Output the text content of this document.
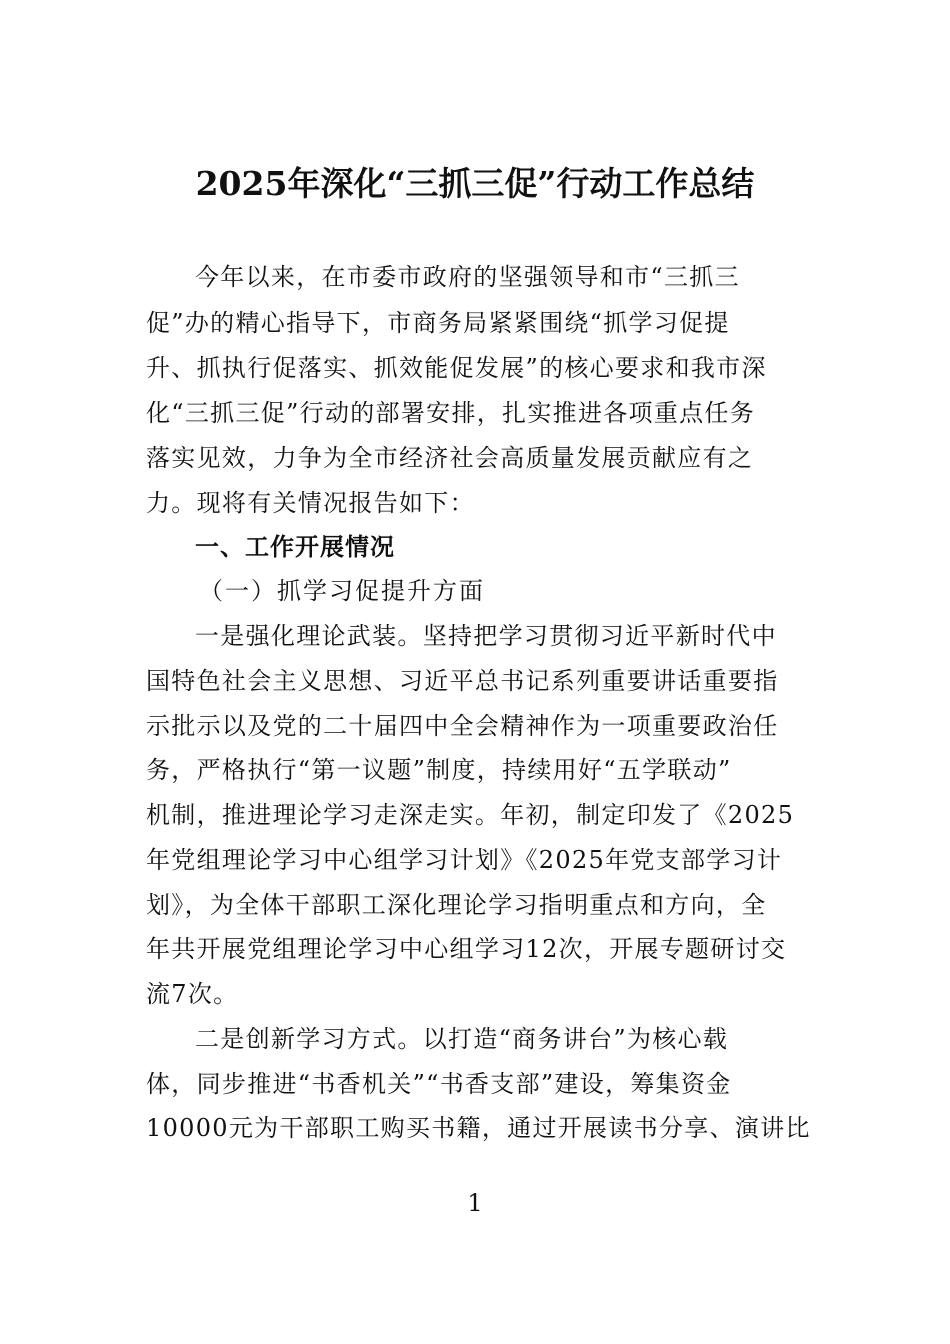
2025年深化“三抓三促”行动工作总结
今年以来，在市委市政府的坚强领导和市“三抓三
促”办的精心指导下，市商务局紧紧围绕“抓学习促提
升、抓执行促落实、抓效能促发展”的核心要求和我市深
化“三抓三促”行动的部署安排，扎实推进各项重点任务
落实见效，力争为全市经济社会高质量发展贡献应有之
力。现将有关情况报告如下：
一、工作开展情况
（一）抓学习促提升方面
一是强化理论武装。坚持把学习贯彻习近平新时代中
国特色社会主义思想、习近平总书记系列重要讲话重要指
示批示以及党的二十届四中全会精神作为一项重要政治任
务，严格执行“第一议题”制度，持续用好“五学联动”
机制，推进理论学习走深走实。年初，制定印发了《2025
年党组理论学习中心组学习计划》《2025年党支部学习计
划》，为全体干部职工深化理论学习指明重点和方向，全
年共开展党组理论学习中心组学习12次，开展专题研讨交
流7次。
二是创新学习方式。以打造“商务讲台”为核心载
体，同步推进“书香机关”“书香支部”建设，筹集资金
10000元为干部职工购买书籍，通过开展读书分享、演讲比
1
